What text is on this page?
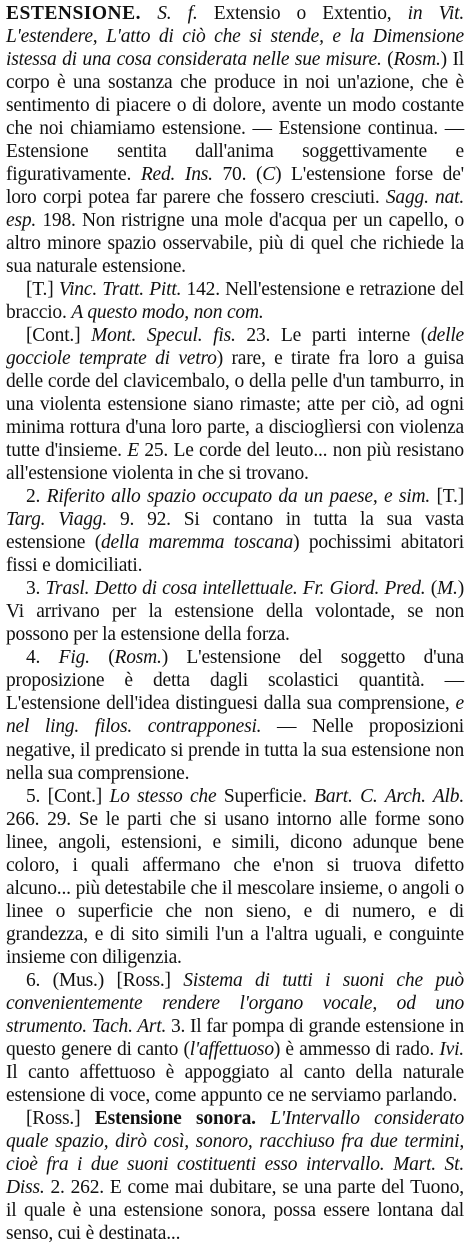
ESTENSIONE. S. f. Extensio o Extentio, in Vit. L'estendere, L'atto di ciò che si stende, e la Dimensione istessa di una cosa considerata nelle sue misure. (Rosm.) Il corpo è una sostanza che produce in noi un'azione, che è sentimento di piacere o di dolore, avente un modo costante che noi chiamiamo estensione. — Estensione continua. — Estensione sentita dall'anima soggettivamente e figurativamente. Red. Ins. 70. (C) L'estensione forse de' loro corpi potea far parere che fossero cresciuti. Sagg. nat. esp. 198. Non ristrigne una mole d'acqua per un capello, o altro minore spazio osservabile, più di quel che richiede la sua naturale estensione.

[T.] Vinc. Tratt. Pitt. 142. Nell'estensione e retrazione del braccio. A questo modo, non com.

[Cont.] Mont. Specul. fis. 23. Le parti interne (delle gocciole temprate di vetro) rare, e tirate fra loro a guisa delle corde del clavicembalo, o della pelle d'un tamburro, in una violenta estensione siano rimaste; atte per ciò, ad ogni minima rottura d'una loro parte, a discioglìersi con violenza tutte d'insieme. E 25. Le corde del leuto... non più resistano all'estensione violenta in che si trovano.

2. Riferito allo spazio occupato da un paese, e sim. [T.] Targ. Viagg. 9. 92. Si contano in tutta la sua vasta estensione (della maremma toscana) pochissimi abitatori fissi e domiciliati.

3. Trasl. Detto di cosa intellettuale. Fr. Giord. Pred. (M.) Vi arrivano per la estensione della volontade, se non possono per la estensione della forza.

4. Fig. (Rosm.) L'estensione del soggetto d'una proposizione è detta dagli scolastici quantità. — L'estensione dell'idea distinguesi dalla sua comprensione, e nel ling. filos. contrapponesi. — Nelle proposizioni negative, il predicato si prende in tutta la sua estensione non nella sua comprensione.

5. [Cont.] Lo stesso che Superficie. Bart. C. Arch. Alb. 266. 29. Se le parti che si usano intorno alle forme sono linee, angoli, estensioni, e simili, dicono adunque bene coloro, i quali affermano che e'non si truova difetto alcuno... più detestabile che il mescolare insieme, o angoli o linee o superficie che non sieno, e di numero, e di grandezza, e di sito simili l'un a l'altra uguali, e conguinte insieme con diligenzia.

6. (Mus.) [Ross.] Sistema di tutti i suoni che può convenientemente rendere l'organo vocale, od uno strumento. Tach. Art. 3. Il far pompa di grande estensione in questo genere di canto (l'affettuoso) è ammesso di rado. Ivi. Il canto affettuoso è appoggiato al canto della naturale estensione di voce, come appunto ce ne serviamo parlando.

[Ross.] Estensione sonora. L'Intervallo considerato quale spazio, dirò così, sonoro, racchiuso fra due termini, cioè fra i due suoni costituenti esso intervallo. Mart. St. Diss. 2. 262. E come mai dubitare, se una parte del Tuono, il quale è una estensione sonora, possa essere lontana dal senso, cui è destinata...
